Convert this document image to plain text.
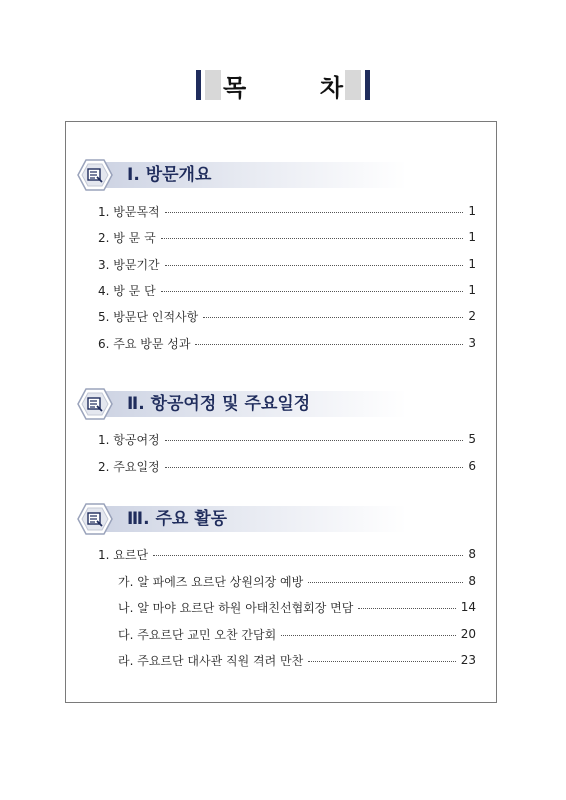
목	차
Ⅰ. 방문개요
1. 방문목적	1
2. 방 문 국	1
3. 방문기간	1
4. 방 문 단	1
5. 방문단 인적사항	2
6. 주요 방문 성과	3
Ⅱ. 항공여정 및 주요일정
1. 항공여정	5
2. 주요일정	6
Ⅲ. 주요 활동
1. 요르단	8
가. 알 파에즈 요르단 상원의장 예방	8
나. 알 마야 요르단 하원 아태친선협회장 면담	14
다. 주요르단 교민 오찬 간담회	20
라. 주요르단 대사관 직원 격려 만찬	23
